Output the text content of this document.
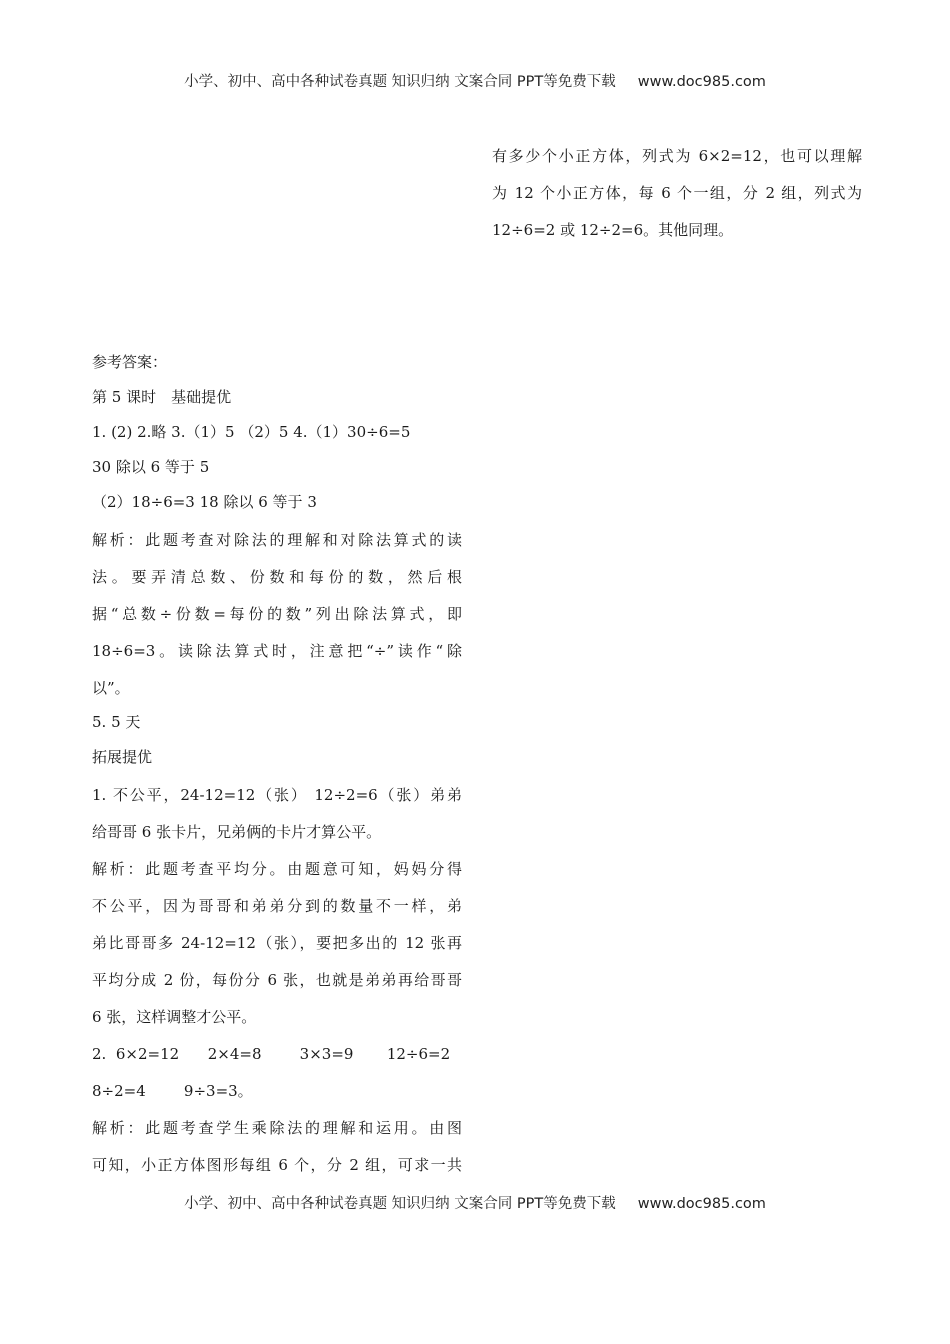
小学、初中、高中各种试卷真题 知识归纳 文案合同 PPT等免费下载 www.doc985.com
有多少个小正方体，列式为 6×2=12，也可以理解
为 12 个小正方体，每 6 个一组，分 2 组，列式为
12÷6=2 或 12÷2=6。其他同理。
参考答案：
第 5 课时　基础提优
1. (2) 2.略 3.（1）5 （2）5 4.（1）30÷6=5
30 除以 6 等于 5
（2）18÷6=3 18 除以 6 等于 3
解析：此题考查对除法的理解和对除法算式的读
法。要弄清总数、份数和每份的数，然后根
据“总数÷份数=每份的数”列出除法算式，即
18÷6=3。读除法算式时，注意把“÷”读作“除
以”。
5. 5 天
拓展提优
1. 不公平，24-12=12（张） 12÷2=6（张）弟弟
给哥哥 6 张卡片，兄弟俩的卡片才算公平。
解析：此题考查平均分。由题意可知，妈妈分得
不公平，因为哥哥和弟弟分到的数量不一样，弟
弟比哥哥多 24-12=12（张），要把多出的 12 张再
平均分成 2 份，每份分 6 张，也就是弟弟再给哥哥
6 张，这样调整才公平。
2.  6×2=12      2×4=8        3×3=9       12÷6=2
8÷2=4        9÷3=3。
解析：此题考查学生乘除法的理解和运用。由图
可知，小正方体图形每组 6 个，分 2 组，可求一共
小学、初中、高中各种试卷真题 知识归纳 文案合同 PPT等免费下载 www.doc985.com
